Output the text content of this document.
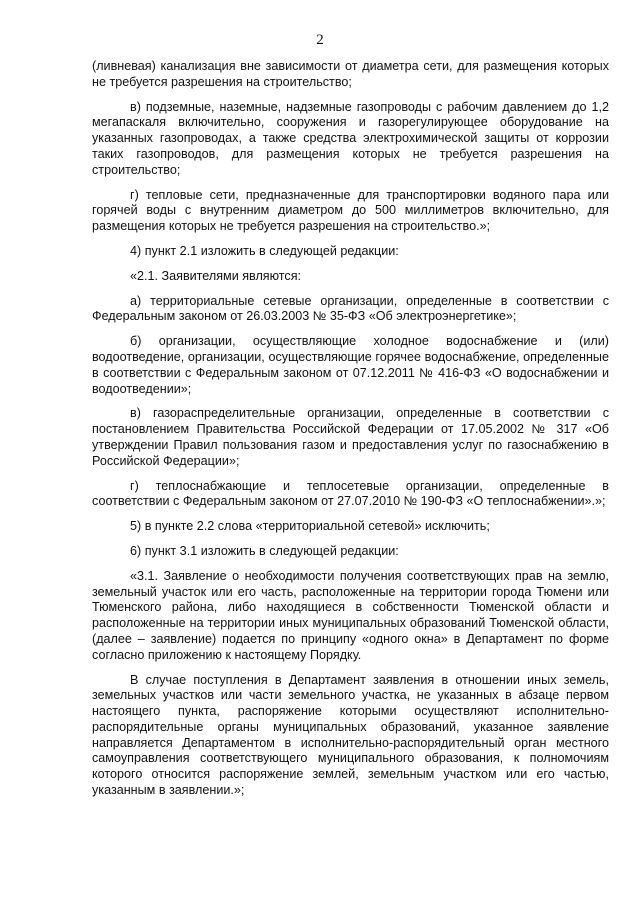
2

(ливневая) канализация вне зависимости от диаметра сети, для размещения которых не требуется разрешения на строительство;

в) подземные, наземные, надземные газопроводы с рабочим давлением до 1,2 мегапаскаля включительно, сооружения и газорегулирующее оборудование на указанных газопроводах, а также средства электрохимической защиты от коррозии таких газопроводов, для размещения которых не требуется разрешения на строительство;

г) тепловые сети, предназначенные для транспортировки водяного пара или горячей воды с внутренним диаметром до 500 миллиметров включительно, для размещения которых не требуется разрешения на строительство.»;

4) пункт 2.1 изложить в следующей редакции:

«2.1. Заявителями являются:

а) территориальные сетевые организации, определенные в соответствии с Федеральным законом от 26.03.2003 № 35-ФЗ «Об электроэнергетике»;

б) организации, осуществляющие холодное водоснабжение и (или) водоотведение, организации, осуществляющие горячее водоснабжение, определенные в соответствии с Федеральным законом от 07.12.2011 № 416-ФЗ «О водоснабжении и водоотведении»;

в) газораспределительные организации, определенные в соответствии с постановлением Правительства Российской Федерации от 17.05.2002 № 317 «Об утверждении Правил пользования газом и предоставления услуг по газоснабжению в Российской Федерации»;

г) теплоснабжающие и теплосетевые организации, определенные в соответствии с Федеральным законом от 27.07.2010 № 190-ФЗ «О теплоснабжении».»;

5) в пункте 2.2 слова «территориальной сетевой» исключить;

6) пункт 3.1 изложить в следующей редакции:

«3.1. Заявление о необходимости получения соответствующих прав на землю, земельный участок или его часть, расположенные на территории города Тюмени или Тюменского района, либо находящиеся в собственности Тюменской области и расположенные на территории иных муниципальных образований Тюменской области, (далее – заявление) подается по принципу «одного окна» в Департамент по форме согласно приложению к настоящему Порядку.

В случае поступления в Департамент заявления в отношении иных земель, земельных участков или части земельного участка, не указанных в абзаце первом настоящего пункта, распоряжение которыми осуществляют исполнительно-распорядительные органы муниципальных образований, указанное заявление направляется Департаментом в исполнительно-распорядительный орган местного самоуправления соответствующего муниципального образования, к полномочиям которого относится распоряжение землей, земельным участком или его частью, указанным в заявлении.»;
